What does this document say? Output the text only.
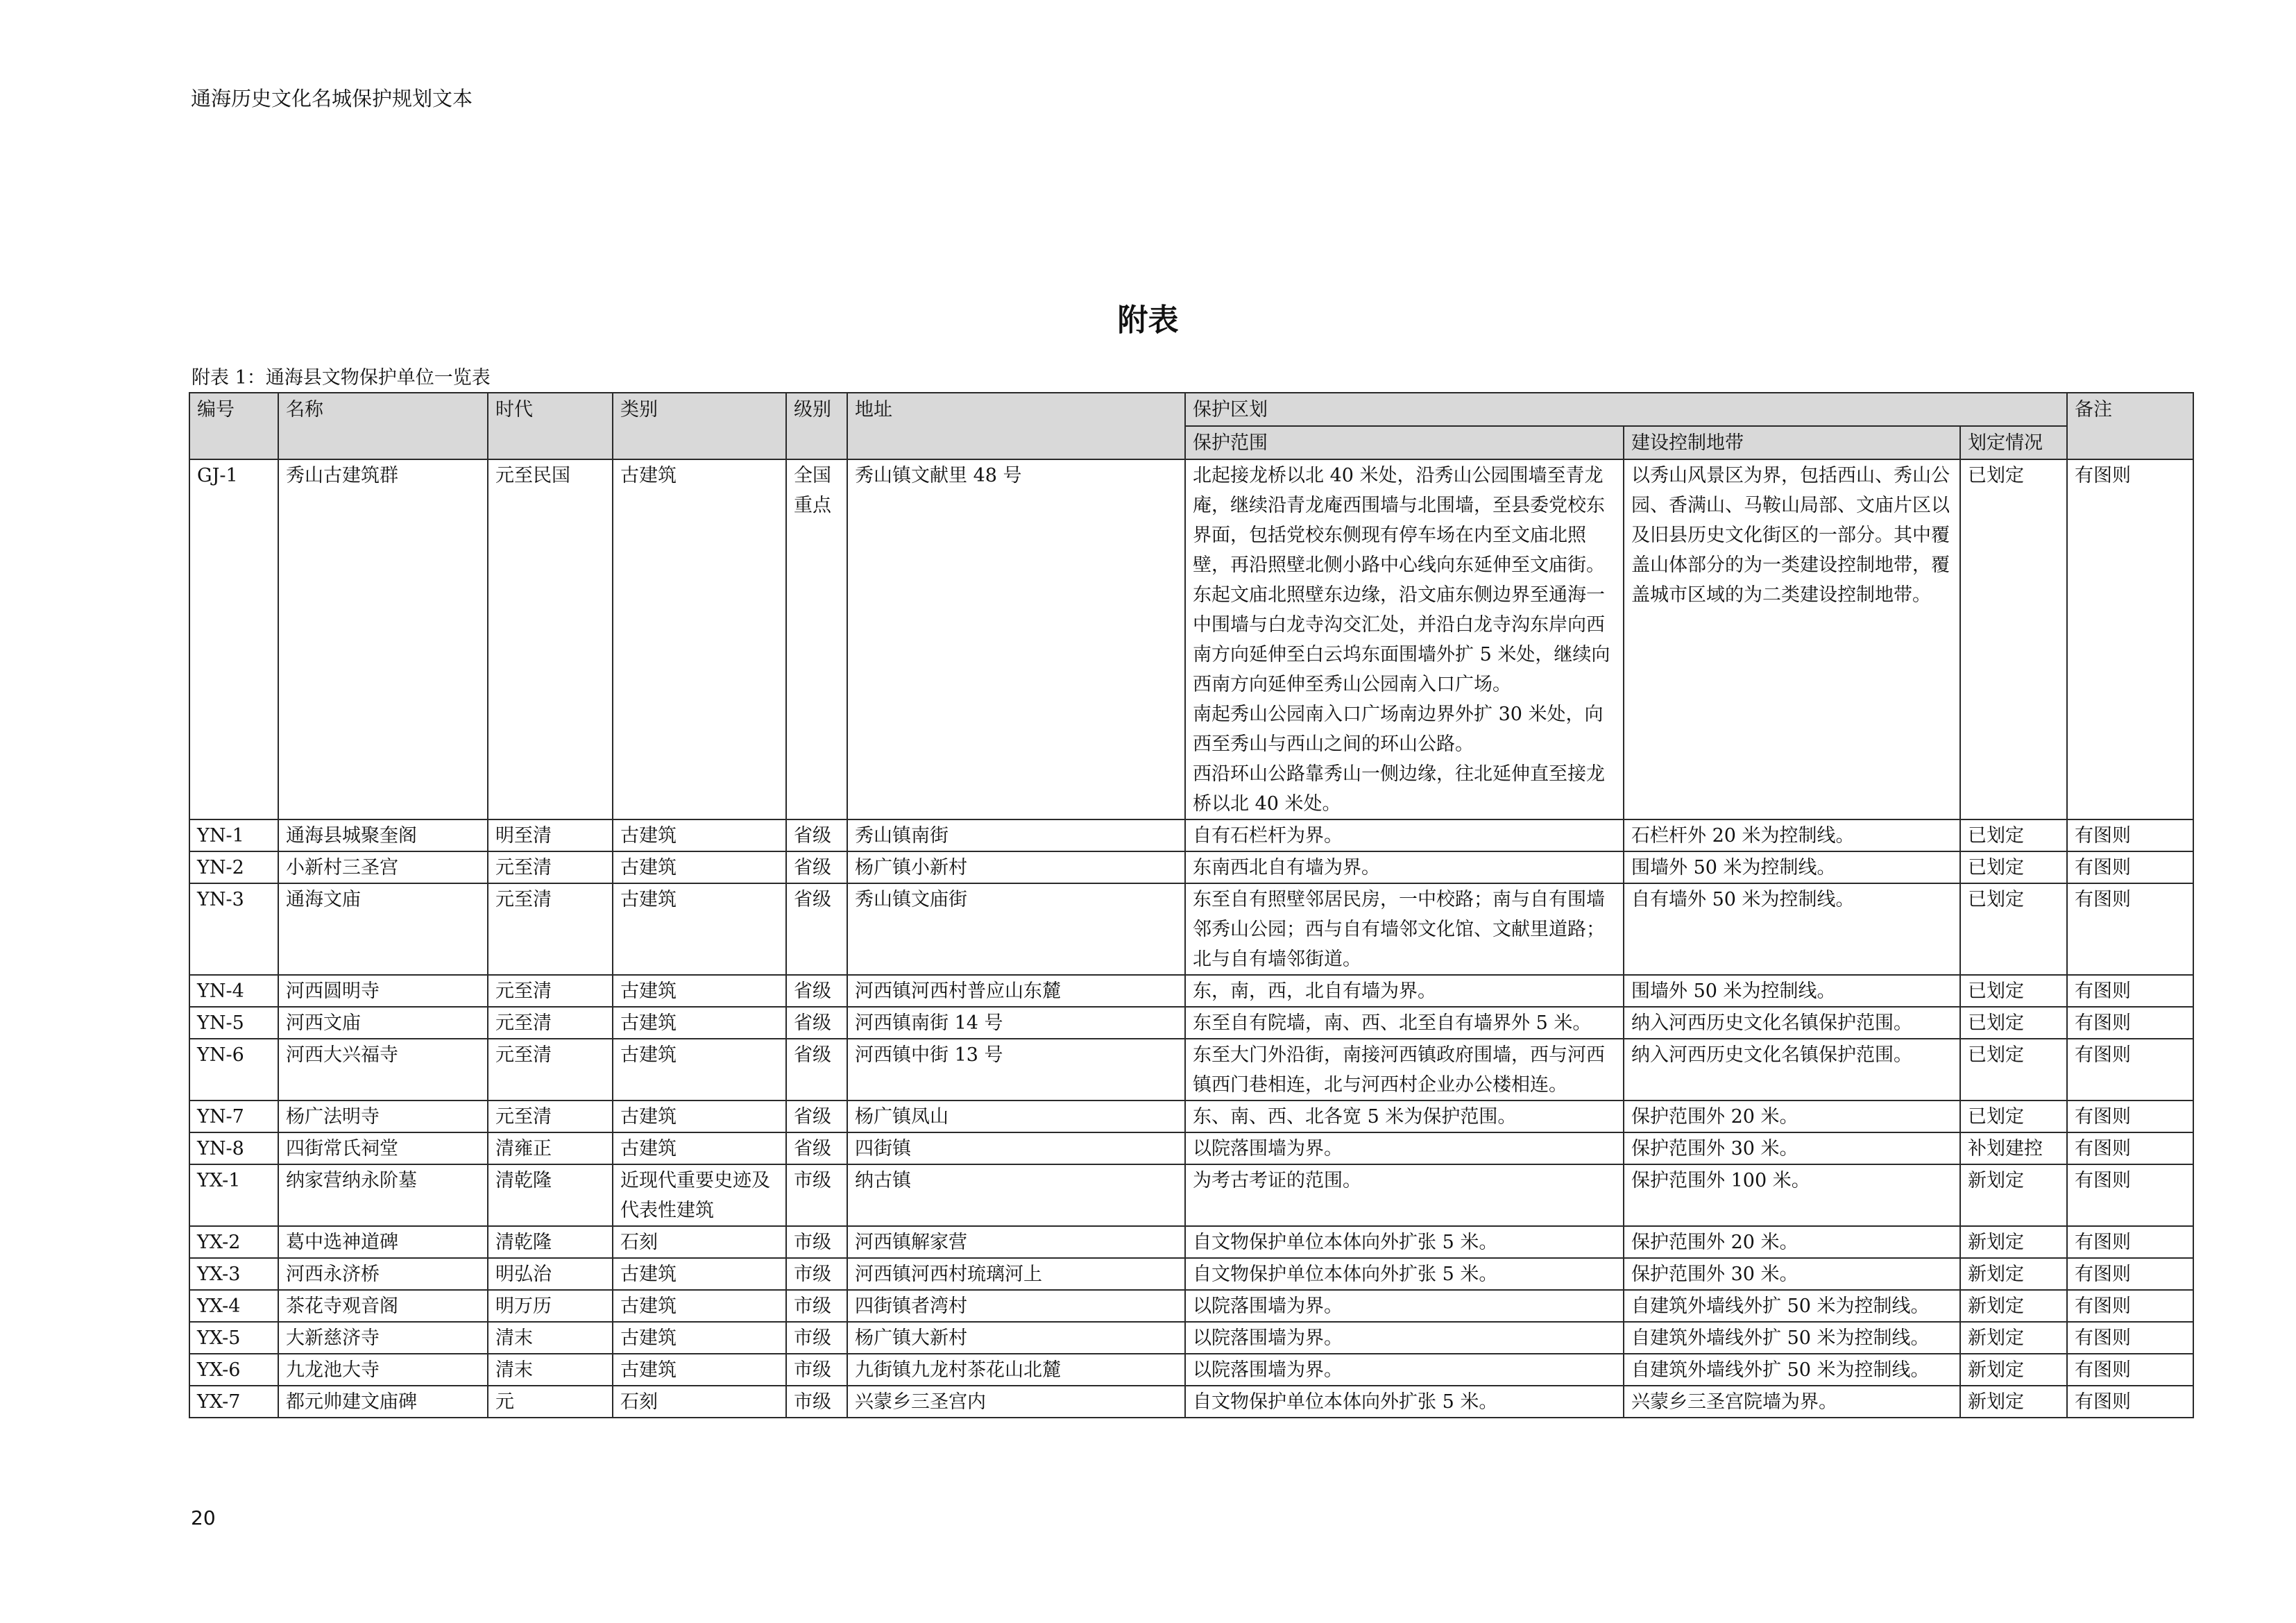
通海历史文化名城保护规划文本
附表
附表 1：通海县文物保护单位一览表
编号	名称	时代	类别	级别	地址	保护区划			备注
						保护范围	建设控制地带	划定情况	
GJ-1	秀山古建筑群	元至民国	古建筑	全国重点	秀山镇文献里 48 号	北起接龙桥以北 40 米处，沿秀山公园围墙至青龙庵，继续沿青龙庵西围墙与北围墙，至县委党校东界面，包括党校东侧现有停车场在内至文庙北照壁，再沿照壁北侧小路中心线向东延伸至文庙街。
东起文庙北照壁东边缘，沿文庙东侧边界至通海一中围墙与白龙寺沟交汇处，并沿白龙寺沟东岸向西南方向延伸至白云坞东面围墙外扩 5 米处，继续向西南方向延伸至秀山公园南入口广场。
南起秀山公园南入口广场南边界外扩 30 米处，向西至秀山与西山之间的环山公路。
西沿环山公路靠秀山一侧边缘，往北延伸直至接龙桥以北 40 米处。	以秀山风景区为界，包括西山、秀山公园、香满山、马鞍山局部、文庙片区以及旧县历史文化街区的一部分。其中覆盖山体部分的为一类建设控制地带，覆盖城市区域的为二类建设控制地带。	已划定	有图则
YN-1	通海县城聚奎阁	明至清	古建筑	省级	秀山镇南街	自有石栏杆为界。	石栏杆外 20 米为控制线。	已划定	有图则
YN-2	小新村三圣宫	元至清	古建筑	省级	杨广镇小新村	东南西北自有墙为界。	围墙外 50 米为控制线。	已划定	有图则
YN-3	通海文庙	元至清	古建筑	省级	秀山镇文庙街	东至自有照壁邻居民房，一中校路；南与自有围墙邻秀山公园；西与自有墙邻文化馆、文献里道路；北与自有墙邻街道。	自有墙外 50 米为控制线。	已划定	有图则
YN-4	河西圆明寺	元至清	古建筑	省级	河西镇河西村普应山东麓	东，南，西，北自有墙为界。	围墙外 50 米为控制线。	已划定	有图则
YN-5	河西文庙	元至清	古建筑	省级	河西镇南街 14 号	东至自有院墙，南、西、北至自有墙界外 5 米。	纳入河西历史文化名镇保护范围。	已划定	有图则
YN-6	河西大兴福寺	元至清	古建筑	省级	河西镇中街 13 号	东至大门外沿街，南接河西镇政府围墙，西与河西镇西门巷相连，北与河西村企业办公楼相连。	纳入河西历史文化名镇保护范围。	已划定	有图则
YN-7	杨广法明寺	元至清	古建筑	省级	杨广镇凤山	东、南、西、北各宽 5 米为保护范围。	保护范围外 20 米。	已划定	有图则
YN-8	四街常氏祠堂	清雍正	古建筑	省级	四街镇	以院落围墙为界。	保护范围外 30 米。	补划建控	有图则
YX-1	纳家营纳永阶墓	清乾隆	近现代重要史迹及代表性建筑	市级	纳古镇	为考古考证的范围。	保护范围外 100 米。	新划定	有图则
YX-2	葛中选神道碑	清乾隆	石刻	市级	河西镇解家营	自文物保护单位本体向外扩张 5 米。	保护范围外 20 米。	新划定	有图则
YX-3	河西永济桥	明弘治	古建筑	市级	河西镇河西村琉璃河上	自文物保护单位本体向外扩张 5 米。	保护范围外 30 米。	新划定	有图则
YX-4	茶花寺观音阁	明万历	古建筑	市级	四街镇者湾村	以院落围墙为界。	自建筑外墙线外扩 50 米为控制线。	新划定	有图则
YX-5	大新慈济寺	清末	古建筑	市级	杨广镇大新村	以院落围墙为界。	自建筑外墙线外扩 50 米为控制线。	新划定	有图则
YX-6	九龙池大寺	清末	古建筑	市级	九街镇九龙村茶花山北麓	以院落围墙为界。	自建筑外墙线外扩 50 米为控制线。	新划定	有图则
YX-7	都元帅建文庙碑	元	石刻	市级	兴蒙乡三圣宫内	自文物保护单位本体向外扩张 5 米。	兴蒙乡三圣宫院墙为界。	新划定	有图则
20
